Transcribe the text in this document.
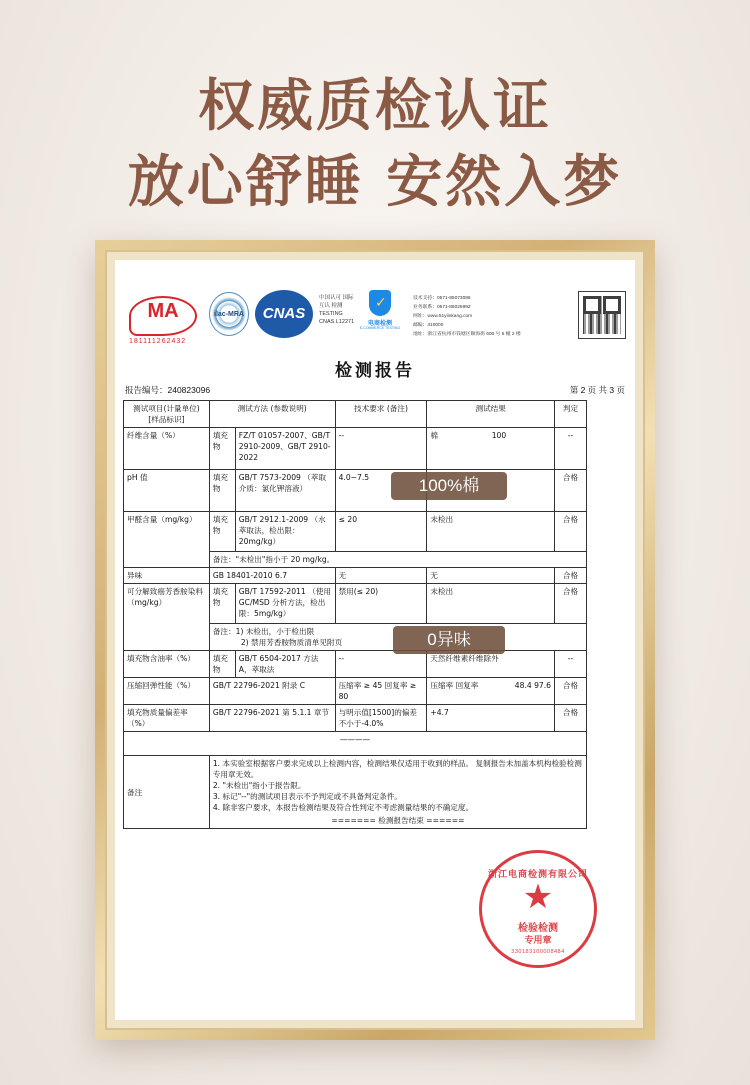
权威质检认证
放心舒睡 安然入梦
MA
181111262432
ilac-MRA	CNAS
中国认可 国际互认 检测 TESTING CNAS L12271
✓
电商检测
E-COMMERCE TESTING
技术支持：0571-85073086
业务联系：0571-86026992
网址：www.51yiinkang.com
邮编：310000
地址：浙江省杭州市钱塘区顺海街 600 号 5 幢 2 楼
检测报告
报告编号：240823096	第 2 页 共 3 页
测试项目(计量单位) [样品标识]	测试方法 (参数说明)		技术要求 (备注)	测试结果		判定
纤维含量（%）	填充物	FZ/T 01057-2007、GB/T 2910-2009、GB/T 2910-2022	--	棉	100	--
pH 值	填充物	GB/T 7573-2009 （萃取介质：氯化钾溶液）	4.0~7.5			合格
甲醛含量（mg/kg）	填充物	GB/T 2912.1-2009 （水萃取法，检出限：20mg/kg）	≤ 20	未检出		合格
	备注："未检出"指小于 20 mg/kg。					
异味	GB 18401-2010 6.7		无	无		合格
可分解致癌芳香胺染料（mg/kg）	填充物	GB/T 17592-2011 （使用 GC/MSD 分析方法，检出限：5mg/kg）	禁用(≤ 20)	未检出		合格

	备注：1) 未检出，小于检出限
2) 禁用芳香胺物质清单见附页					

填充物含油率（%）	填充物	GB/T 6504-2017 方法 A，萃取法	--	天然纤维素纤维除外		--
压缩回弹性能（%）	GB/T 22796-2021 附录 C		压缩率 ≥ 45 回复率 ≥ 80	压缩率 回复率	48.4 97.6	合格
填充物质量偏差率（%）	GB/T 22796-2021 第 5.1.1 章节		与明示值[1500]的偏差不小于-4.0%	+4.7		合格
————						
备注	1. 本实验室根据客户要求完成以上检测内容，检测结果仅适用于收到的样品。 复制报告未加盖本机构检验检测专用章无效。
2. "未检出"指小于报告限。
3. 标记"--"的测试项目表示不予判定或不具备判定条件。
4. 除非客户要求，本报告检测结果及符合性判定不考虑测量结果的不确定度。
======= 检测报告结束 ======					
100%棉
0异味
浙江电商检测有限公司
★
检验检测
专用章
330183100008484
